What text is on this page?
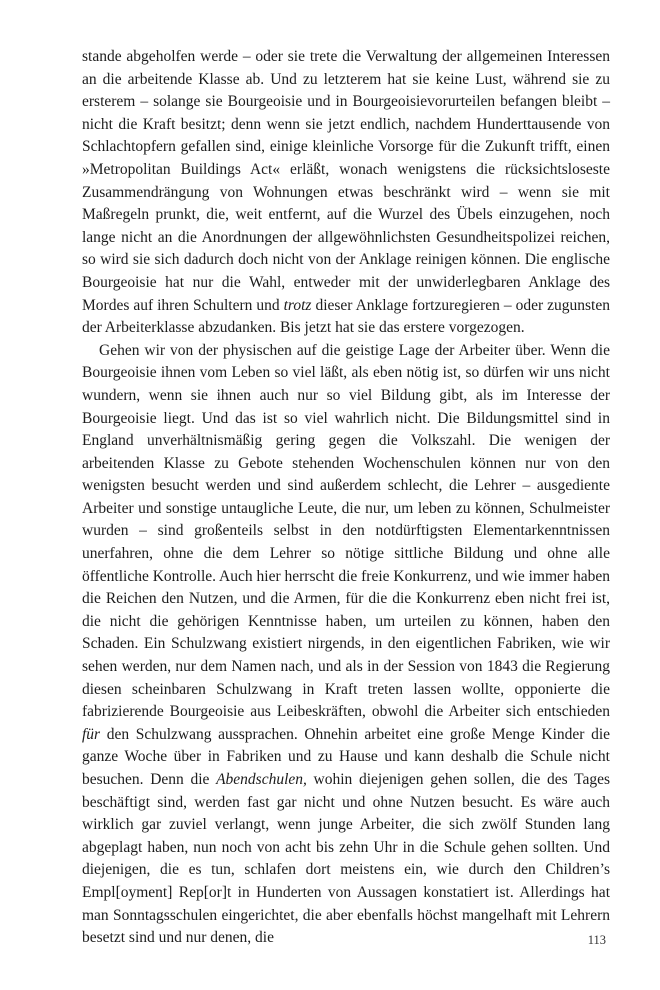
stande abgeholfen werde – oder sie trete die Verwaltung der allgemeinen Interessen an die arbeitende Klasse ab. Und zu letzterem hat sie keine Lust, während sie zu ersterem – solange sie Bourgeoisie und in Bourgeoisievorurteilen befangen bleibt – nicht die Kraft besitzt; denn wenn sie jetzt endlich, nachdem Hunderttausende von Schlachtopfern gefallen sind, einige kleinliche Vorsorge für die Zukunft trifft, einen »Metropolitan Buildings Act« erläßt, wonach wenigstens die rücksichtsloseste Zusammendrängung von Wohnungen etwas beschränkt wird – wenn sie mit Maßregeln prunkt, die, weit entfernt, auf die Wurzel des Übels einzugehen, noch lange nicht an die Anordnungen der allgewöhnlichsten Gesundheitspolizei reichen, so wird sie sich dadurch doch nicht von der Anklage reinigen können. Die englische Bourgeoisie hat nur die Wahl, entweder mit der unwiderlegbaren Anklage des Mordes auf ihren Schultern und trotz dieser Anklage fortzuregieren – oder zugunsten der Arbeiterklasse abzudanken. Bis jetzt hat sie das erstere vorgezogen.

Gehen wir von der physischen auf die geistige Lage der Arbeiter über. Wenn die Bourgeoisie ihnen vom Leben so viel läßt, als eben nötig ist, so dürfen wir uns nicht wundern, wenn sie ihnen auch nur so viel Bildung gibt, als im Interesse der Bourgeoisie liegt. Und das ist so viel wahrlich nicht. Die Bildungsmittel sind in England unverhältnismäßig gering gegen die Volkszahl. Die wenigen der arbeitenden Klasse zu Gebote stehenden Wochenschulen können nur von den wenigsten besucht werden und sind außerdem schlecht, die Lehrer – ausgediente Arbeiter und sonstige untaugliche Leute, die nur, um leben zu können, Schulmeister wurden – sind großenteils selbst in den notdürftigsten Elementarkenntnissen unerfahren, ohne die dem Lehrer so nötige sittliche Bildung und ohne alle öffentliche Kontrolle. Auch hier herrscht die freie Konkurrenz, und wie immer haben die Reichen den Nutzen, und die Armen, für die die Konkurrenz eben nicht frei ist, die nicht die gehörigen Kenntnisse haben, um urteilen zu können, haben den Schaden. Ein Schulzwang existiert nirgends, in den eigentlichen Fabriken, wie wir sehen werden, nur dem Namen nach, und als in der Session von 1843 die Regierung diesen scheinbaren Schulzwang in Kraft treten lassen wollte, opponierte die fabrizierende Bourgeoisie aus Leibeskräften, obwohl die Arbeiter sich entschieden für den Schulzwang aussprachen. Ohnehin arbeitet eine große Menge Kinder die ganze Woche über in Fabriken und zu Hause und kann deshalb die Schule nicht besuchen. Denn die Abendschulen, wohin diejenigen gehen sollen, die des Tages beschäftigt sind, werden fast gar nicht und ohne Nutzen besucht. Es wäre auch wirklich gar zuviel verlangt, wenn junge Arbeiter, die sich zwölf Stunden lang abgeplagt haben, nun noch von acht bis zehn Uhr in die Schule gehen sollten. Und diejenigen, die es tun, schlafen dort meistens ein, wie durch den Children’s Empl[oyment] Rep[or]t in Hunderten von Aussagen konstatiert ist. Allerdings hat man Sonntagsschulen eingerichtet, die aber ebenfalls höchst mangelhaft mit Lehrern besetzt sind und nur denen, die	113
